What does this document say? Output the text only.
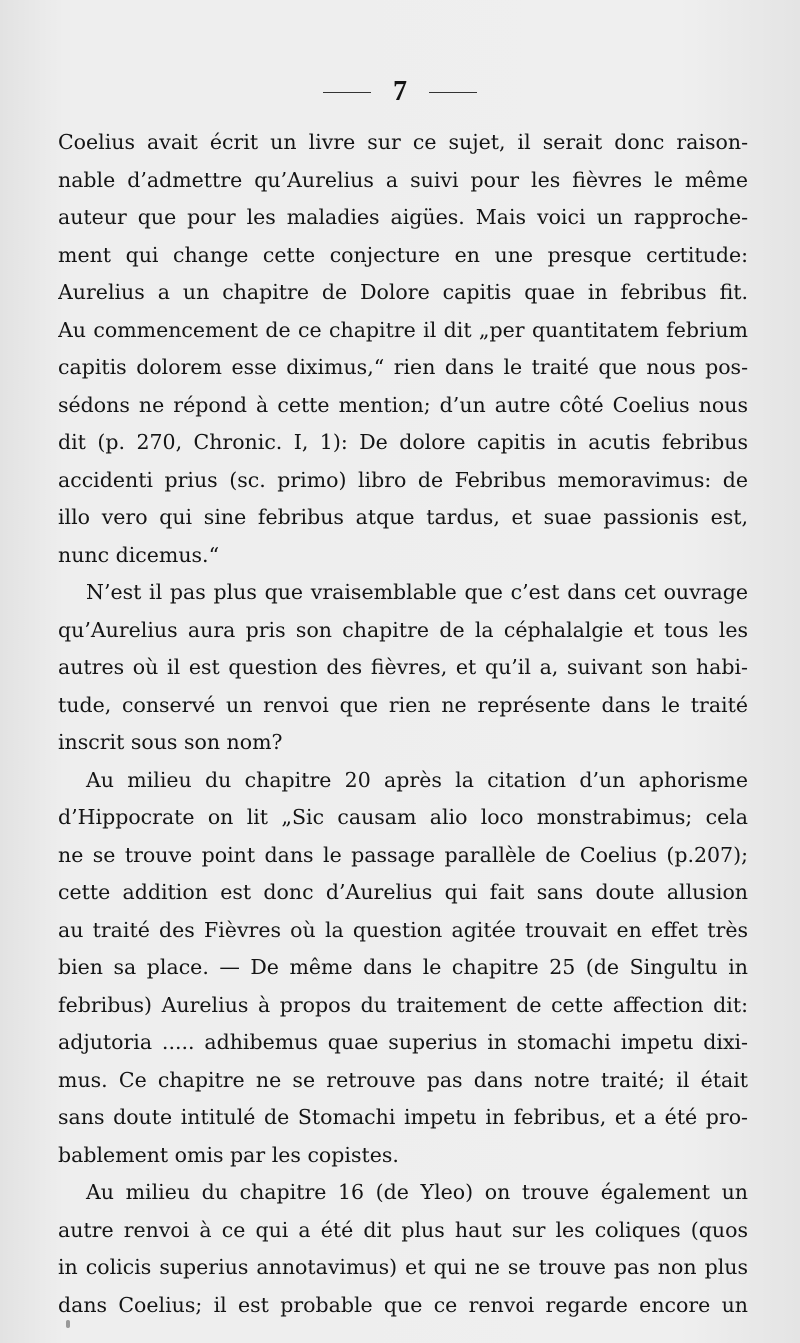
7
Coelius avait écrit un livre sur ce sujet, il serait donc raison-
nable d’admettre qu’Aurelius a suivi pour les fièvres le même
auteur que pour les maladies aigües. Mais voici un rapproche-
ment qui change cette conjecture en une presque certitude:
Aurelius a un chapitre de Dolore capitis quae in febribus fit.
Au commencement de ce chapitre il dit „per quantitatem febrium
capitis dolorem esse diximus,“ rien dans le traité que nous pos-
sédons ne répond à cette mention; d’un autre côté Coelius nous
dit (p. 270, Chronic. I, 1): De dolore capitis in acutis febribus
accidenti prius (sc. primo) libro de Febribus memoravimus: de
illo vero qui sine febribus atque tardus, et suae passionis est,
nunc dicemus.“
N’est il pas plus que vraisemblable que c’est dans cet ouvrage
qu’Aurelius aura pris son chapitre de la céphalalgie et tous les
autres où il est question des fièvres, et qu’il a, suivant son habi-
tude, conservé un renvoi que rien ne représente dans le traité
inscrit sous son nom?
Au milieu du chapitre 20 après la citation d’un aphorisme
d’Hippocrate on lit „Sic causam alio loco monstrabimus; cela
ne se trouve point dans le passage parallèle de Coelius (p.207);
cette addition est donc d’Aurelius qui fait sans doute allusion
au traité des Fièvres où la question agitée trouvait en effet très
bien sa place. — De même dans le chapitre 25 (de Singultu in
febribus) Aurelius à propos du traitement de cette affection dit:
adjutoria ..... adhibemus quae superius in stomachi impetu dixi-
mus. Ce chapitre ne se retrouve pas dans notre traité; il était
sans doute intitulé de Stomachi impetu in febribus, et a été pro-
bablement omis par les copistes.
Au milieu du chapitre 16 (de Yleo) on trouve également un
autre renvoi à ce qui a été dit plus haut sur les coliques (quos
in colicis superius annotavimus) et qui ne se trouve pas non plus
dans Coelius; il est probable que ce renvoi regarde encore un
